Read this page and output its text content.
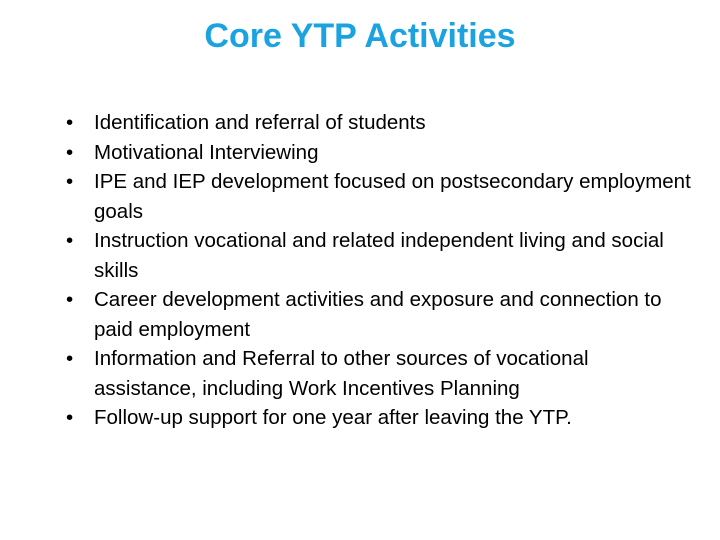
Core YTP Activities
•	Identification and referral of students
•	Motivational Interviewing
•	IPE and IEP development focused on postsecondary employment goals
•	Instruction vocational and related independent living and social skills
•	Career development activities and exposure and connection to paid employment
•	Information and Referral to other sources of vocational assistance, including Work Incentives Planning
•	Follow-up support for one year after leaving the YTP.
